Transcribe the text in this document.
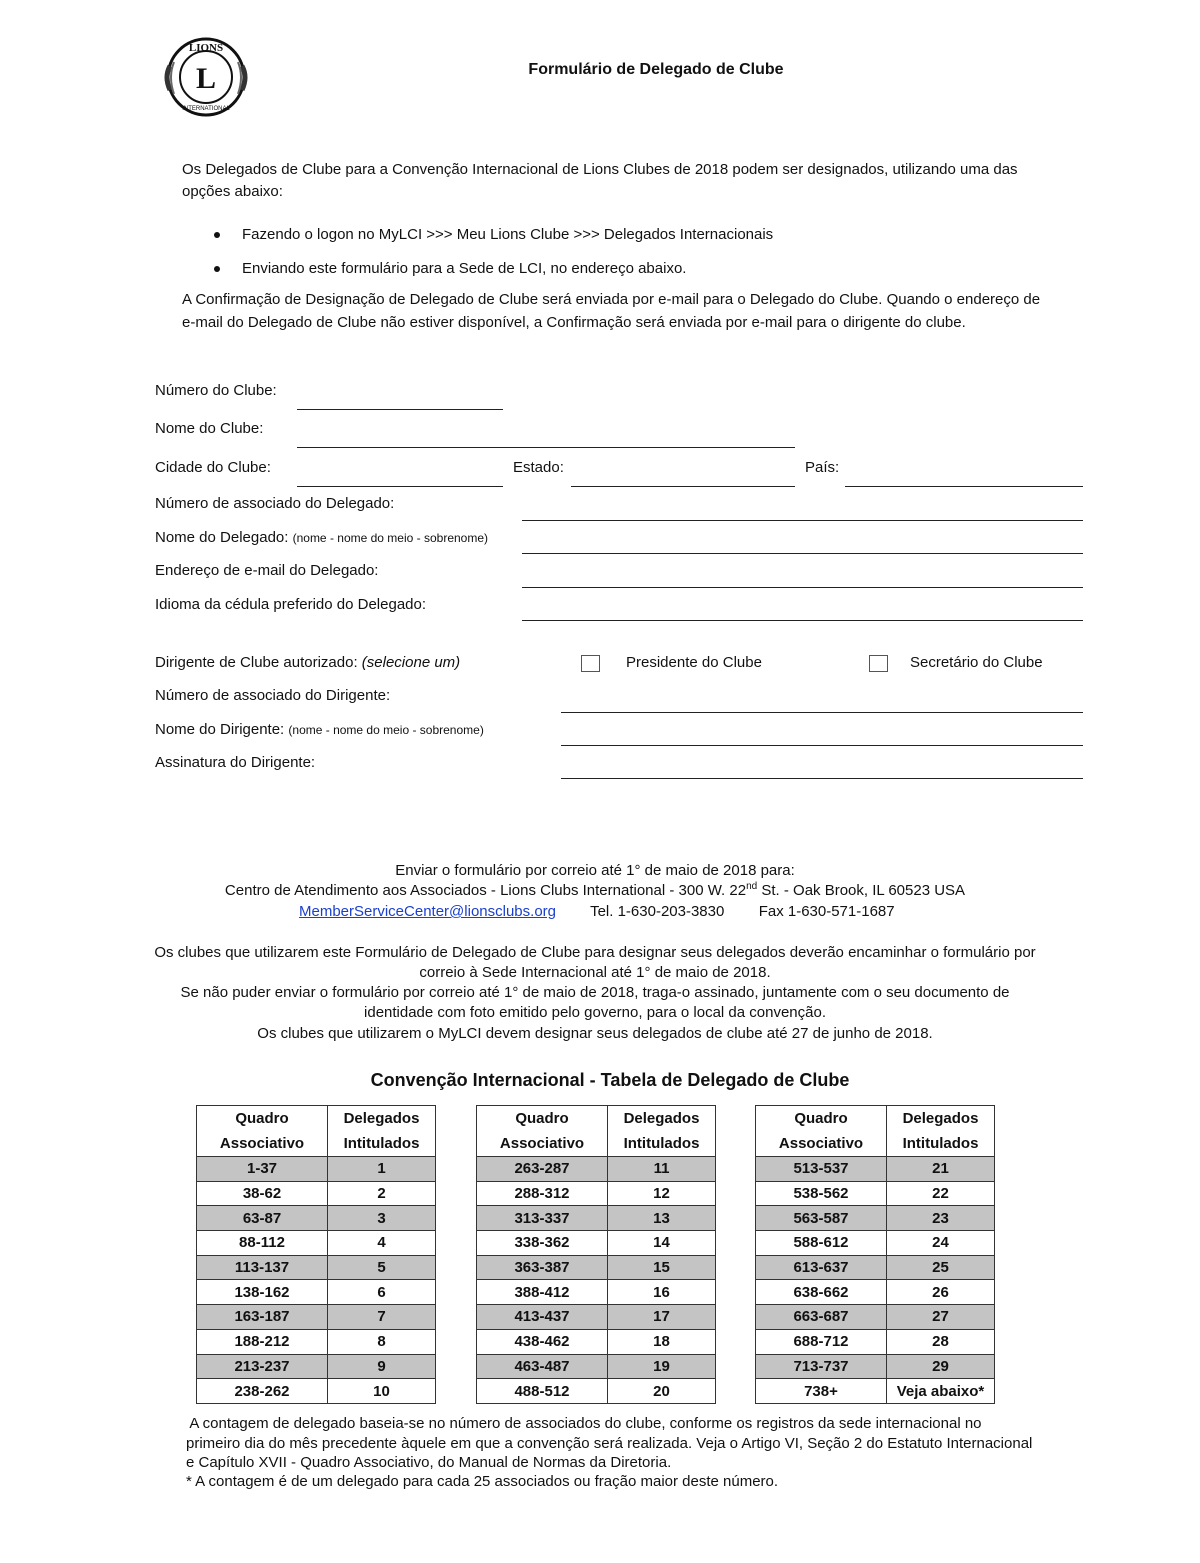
LIONS
L
INTERNATIONAL
Formulário de Delegado de Clube
Os Delegados de Clube para a Convenção Internacional de Lions Clubes de 2018 podem ser designados, utilizando uma das
opções abaixo:
Fazendo o logon no MyLCI >>> Meu Lions Clube >>> Delegados Internacionais
Enviando este formulário para a Sede de LCI, no endereço abaixo.
A Confirmação de Designação de Delegado de Clube será enviada por e-mail para o Delegado do Clube. Quando o endereço de
e-mail do Delegado de Clube não estiver disponível, a Confirmação será enviada por e-mail para o dirigente do clube.
Número do Clube:
Nome do Clube:
Cidade do Clube:	Estado:	País:
Número de associado do Delegado:
Nome do Delegado: (nome - nome do meio - sobrenome)
Endereço de e-mail do Delegado:
Idioma da cédula preferido do Delegado:
Dirigente de Clube autorizado: (selecione um)	Presidente do Clube	Secretário do Clube
Número de associado do Dirigente:
Nome do Dirigente: (nome - nome do meio - sobrenome)
Assinatura do Dirigente:
Enviar o formulário por correio até 1° de maio de 2018 para:
Centro de Atendimento aos Associados - Lions Clubs International - 300 W. 22nd St. - Oak Brook, IL 60523 USA
MemberServiceCenter@lionsclubs.org Tel. 1-630-203-3830 Fax 1-630-571-1687
Os clubes que utilizarem este Formulário de Delegado de Clube para designar seus delegados deverão encaminhar o formulário por
correio à Sede Internacional até 1° de maio de 2018.
Se não puder enviar o formulário por correio até 1° de maio de 2018, traga-o assinado, juntamente com o seu documento de
identidade com foto emitido pelo governo, para o local da convenção.
Os clubes que utilizarem o MyLCI devem designar seus delegados de clube até 27 de junho de 2018.
Convenção Internacional - Tabela de Delegado de Clube
Quadro
Associativo	Delegados
Intitulados
1-37	1
38-62	2
63-87	3
88-112	4
113-137	5
138-162	6
163-187	7
188-212	8
213-237	9
238-262	10
Quadro
Associativo	Delegados
Intitulados
263-287	11
288-312	12
313-337	13
338-362	14
363-387	15
388-412	16
413-437	17
438-462	18
463-487	19
488-512	20
Quadro
Associativo	Delegados
Intitulados
513-537	21
538-562	22
563-587	23
588-612	24
613-637	25
638-662	26
663-687	27
688-712	28
713-737	29
738+	Veja abaixo*
A contagem de delegado baseia-se no número de associados do clube, conforme os registros da sede internacional no
primeiro dia do mês precedente àquele em que a convenção será realizada. Veja o Artigo VI, Seção 2 do Estatuto Internacional
e Capítulo XVII - Quadro Associativo, do Manual de Normas da Diretoria.
* A contagem é de um delegado para cada 25 associados ou fração maior deste número.
